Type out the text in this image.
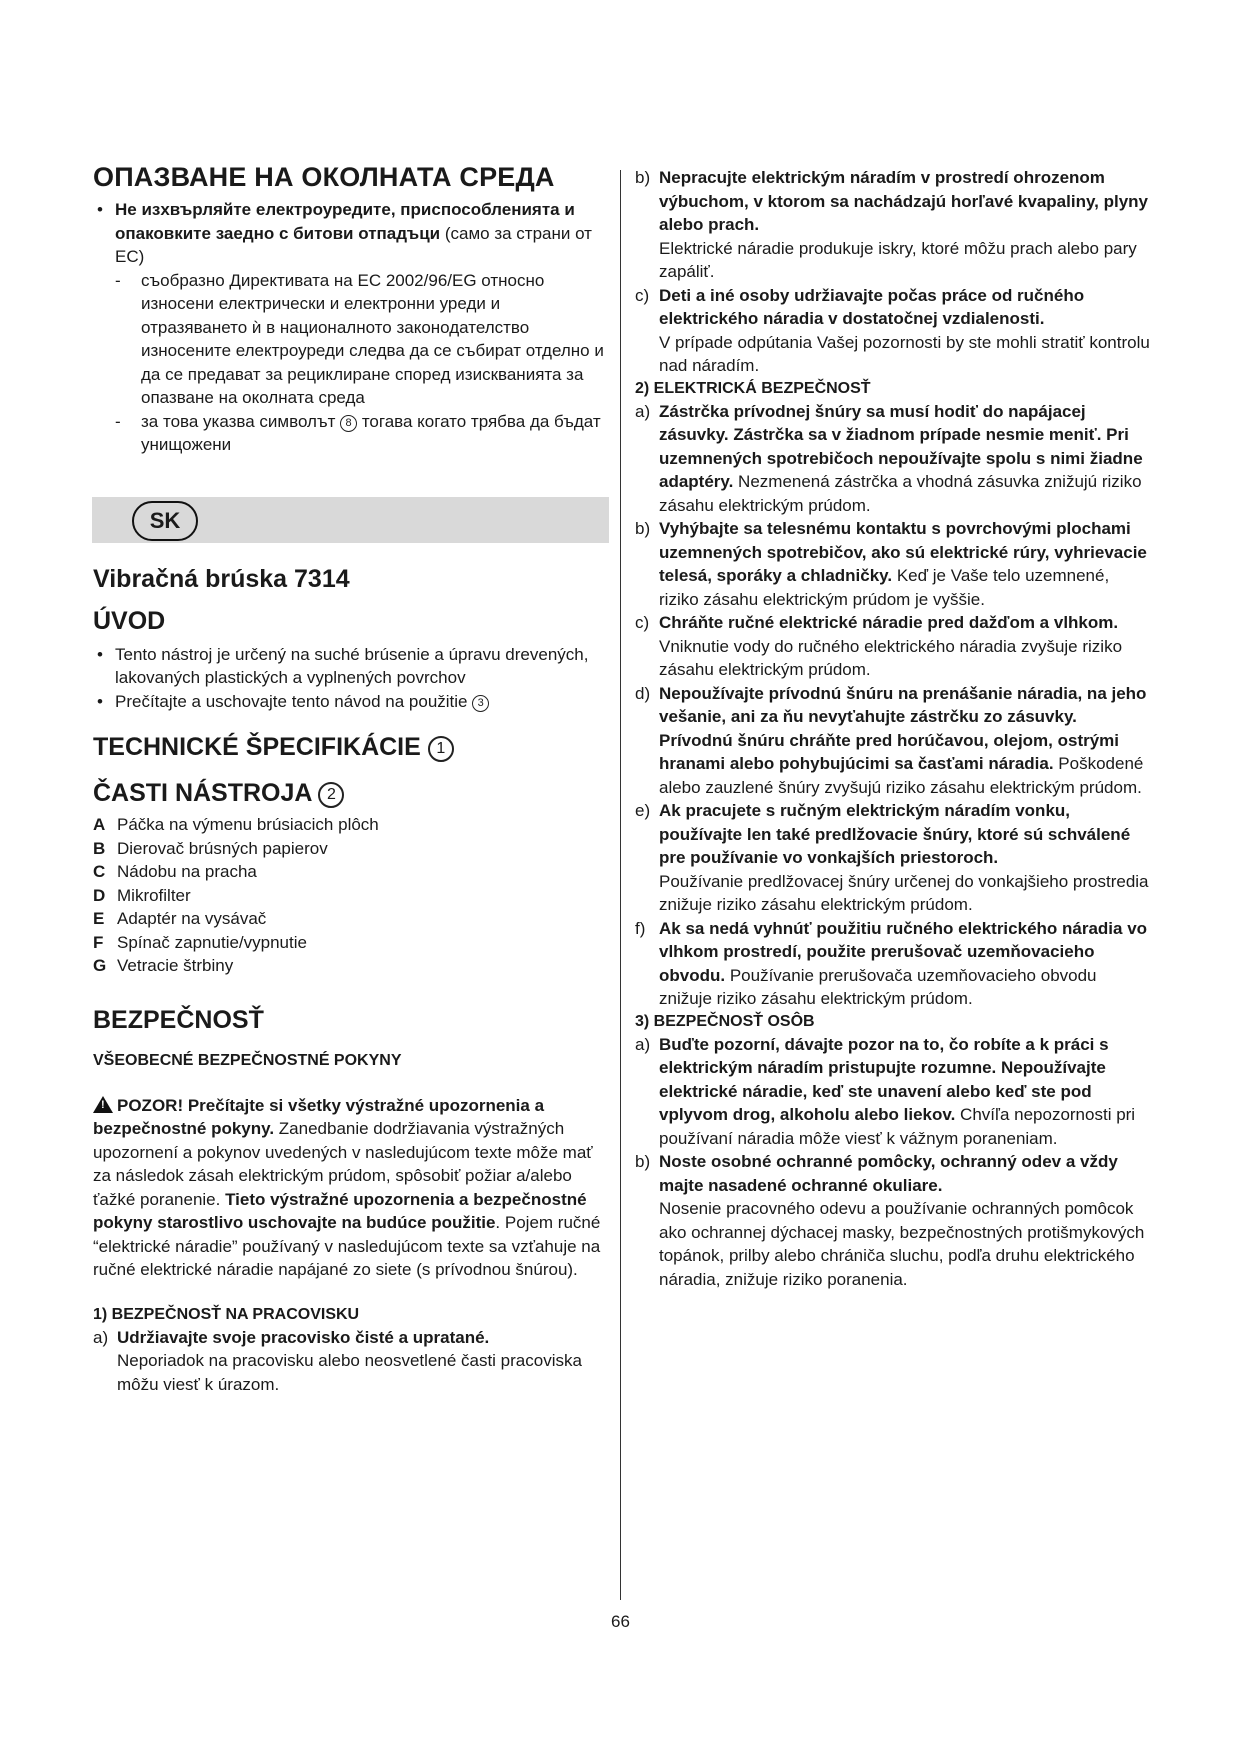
ОПАЗВАНЕ НА ОКОЛНАТА СРЕДА
• Не изхвърляйте електроуредите, приспособленията и опаковките заедно с битови отпадъци (само за страни от ЕС)
- съобразно Директивата на ЕС 2002/96/EG относно износени електрически и електронни уреди и отразяването ѝ в националното законодателство износените електроуреди следва да се събират отделно и да се предават за рециклиране според изискванията за опазване на околната среда
- за това указва символът 8 тогава когато трябва да бъдат унищожени
SK
Vibračná brúska 7314
ÚVOD
• Tento nástroj je určený na suché brúsenie a úpravu drevených, lakovaných plastických a vyplnených povrchov
• Prečítajte a uschovajte tento návod na použitie 3
TECHNICKÉ ŠPECIFIKÁCIE 1
ČASTI NÁSTROJA 2
A Páčka na výmenu brúsiacich plôch
B Dierovač brúsných papierov
C Nádobu na pracha
D Mikrofilter
E Adaptér na vysávač
F Spínač zapnutie/vypnutie
G Vetracie štrbiny
BEZPEČNOSŤ
VŠEOBECNÉ BEZPEČNOSTNÉ POKYNY
!POZOR! Prečítajte si všetky výstražné upozornenia a bezpečnostné pokyny. Zanedbanie dodržiavania výstražných upozornení a pokynov uvedených v nasledujúcom texte môže mať za následok zásah elektrickým prúdom, spôsobiť požiar a/alebo ťažké poranenie. Tieto výstražné upozornenia a bezpečnostné pokyny starostlivo uschovajte na budúce použitie. Pojem ručné “elektrické náradie” používaný v nasledujúcom texte sa vzťahuje na ručné elektrické náradie napájané zo siete (s prívodnou šnúrou).
1) BEZPEČNOSŤ NA PRACOVISKU
a) Udržiavajte svoje pracovisko čisté a upratané.
Neporiadok na pracovisku alebo neosvetlené časti pracoviska môžu viesť k úrazom.
b) Nepracujte elektrickým náradím v prostredí ohrozenom výbuchom, v ktorom sa nachádzajú horľavé kvapaliny, plyny alebo prach.
Elektrické náradie produkuje iskry, ktoré môžu prach alebo pary zapáliť.
c) Deti a iné osoby udržiavajte počas práce od ručného elektrického náradia v dostatočnej vzdialenosti.
V prípade odpútania Vašej pozornosti by ste mohli stratiť kontrolu nad náradím.
2) ELEKTRICKÁ BEZPEČNOSŤ
a) Zástrčka prívodnej šnúry sa musí hodiť do napájacej zásuvky. Zástrčka sa v žiadnom prípade nesmie meniť. Pri uzemnených spotrebičoch nepoužívajte spolu s nimi žiadne adaptéry. Nezmenená zástrčka a vhodná zásuvka znižujú riziko zásahu elektrickým prúdom.
b) Vyhýbajte sa telesnému kontaktu s povrchovými plochami uzemnených spotrebičov, ako sú elektrické rúry, vyhrievacie telesá, sporáky a chladničky. Keď je Vaše telo uzemnené, riziko zásahu elektrickým prúdom je vyššie.
c) Chráňte ručné elektrické náradie pred dažďom a vlhkom. Vniknutie vody do ručného elektrického náradia zvyšuje riziko zásahu elektrickým prúdom.
d) Nepoužívajte prívodnú šnúru na prenášanie náradia, na jeho vešanie, ani za ňu nevyťahujte zástrčku zo zásuvky. Prívodnú šnúru chráňte pred horúčavou, olejom, ostrými hranami alebo pohybujúcimi sa časťami náradia. Poškodené alebo zauzlené šnúry zvyšujú riziko zásahu elektrickým prúdom.
e) Ak pracujete s ručným elektrickým náradím vonku, používajte len také predlžovacie šnúry, ktoré sú schválené pre používanie vo vonkajších priestoroch.
Používanie predlžovacej šnúry určenej do vonkajšieho prostredia znižuje riziko zásahu elektrickým prúdom.
f) Ak sa nedá vyhnúť použitiu ručného elektrického náradia vo vlhkom prostredí, použite prerušovač uzemňovacieho obvodu. Používanie prerušovača uzemňovacieho obvodu znižuje riziko zásahu elektrickým prúdom.
3) BEZPEČNOSŤ OSÔB
a) Buďte pozorní, dávajte pozor na to, čo robíte a k práci s elektrickým náradím pristupujte rozumne. Nepoužívajte elektrické náradie, keď ste unavení alebo keď ste pod vplyvom drog, alkoholu alebo liekov. Chvíľa nepozornosti pri používaní náradia môže viesť k vážnym poraneniam.
b) Noste osobné ochranné pomôcky, ochranný odev a vždy majte nasadené ochranné okuliare.
Nosenie pracovného odevu a používanie ochranných pomôcok ako ochrannej dýchacej masky, bezpečnostných protišmykových topánok, prilby alebo chrániča sluchu, podľa druhu elektrického náradia, znižuje riziko poranenia.
66
